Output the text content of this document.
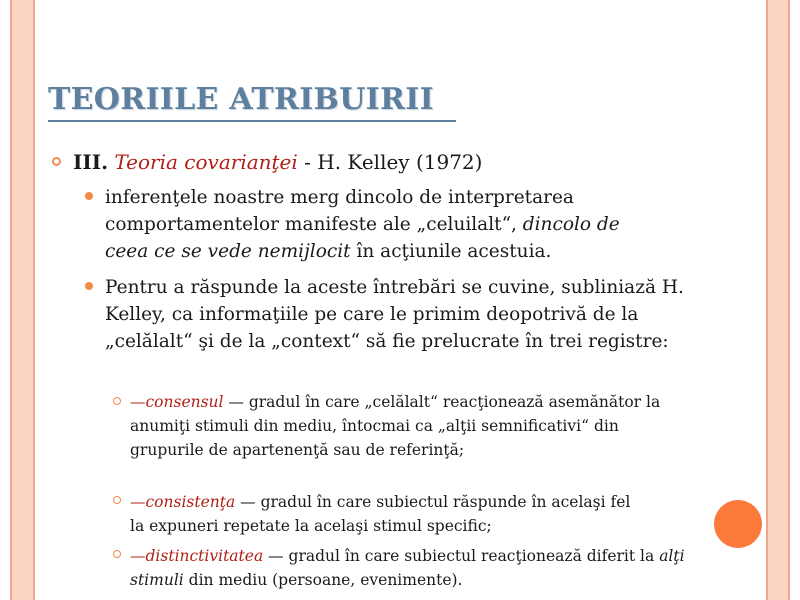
TEORIILE ATRIBUIRII
III. Teoria covarianţei - H. Kelley (1972)
inferenţele noastre merg dincolo de interpretarea comportamentelor manifeste ale „celuilalt“, dincolo de ceea ce se vede nemijlocit în acţiunile acestuia.
Pentru a răspunde la aceste întrebări se cuvine, subliniază H. Kelley, ca informaţiile pe care le primim deopotrivă de la „celălalt“ şi de la „context“ să fie prelucrate în trei registre:
—consensul — gradul în care „celălalt“ reacţionează asemănător la anumiţi stimuli din mediu, întocmai ca „alţii semnificativi“ din grupurile de apartenenţă sau de referinţă;
—consistenţa — gradul în care subiectul răspunde în acelaşi fel la expuneri repetate la acelaşi stimul specific;
—distinctivitatea — gradul în care subiectul reacţionează diferit la alţi stimuli din mediu (persoane, evenimente).
